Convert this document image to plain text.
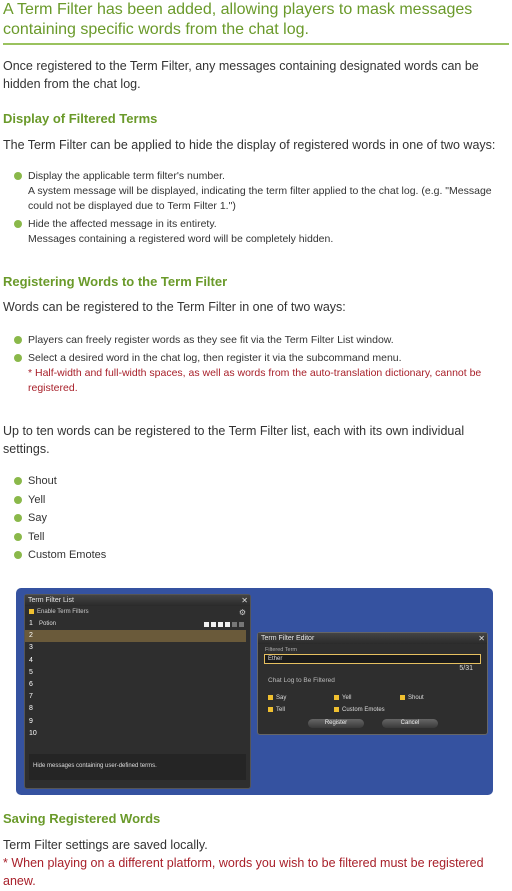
A Term Filter has been added, allowing players to mask messages containing specific words from the chat log.
Once registered to the Term Filter, any messages containing designated words can be hidden from the chat log.
Display of Filtered Terms
The Term Filter can be applied to hide the display of registered words in one of two ways:
Display the applicable term filter's number.
A system message will be displayed, indicating the term filter applied to the chat log. (e.g. "Message could not be displayed due to Term Filter 1.")
Hide the affected message in its entirety.
Messages containing a registered word will be completely hidden.
Registering Words to the Term Filter
Words can be registered to the Term Filter in one of two ways:
Players can freely register words as they see fit via the Term Filter List window.
Select a desired word in the chat log, then register it via the subcommand menu.
* Half-width and full-width spaces, as well as words from the auto-translation dictionary, cannot be registered.
Up to ten words can be registered to the Term Filter list, each with its own individual settings.
Shout
Yell
Say
Tell
Custom Emotes
Term Filter List	✕
Enable Term Filters	⚙
1 Potion
2
3
4
5
6
7
8
9
10
Hide messages containing user-defined terms.
Term Filter Editor	✕
Filtered Term
Ether
5/31
Chat Log to Be Filtered
Say	Yell	Shout
Tell	Custom Emotes
Register	Cancel
Saving Registered Words
Term Filter settings are saved locally.
* When playing on a different platform, words you wish to be filtered must be registered anew.
